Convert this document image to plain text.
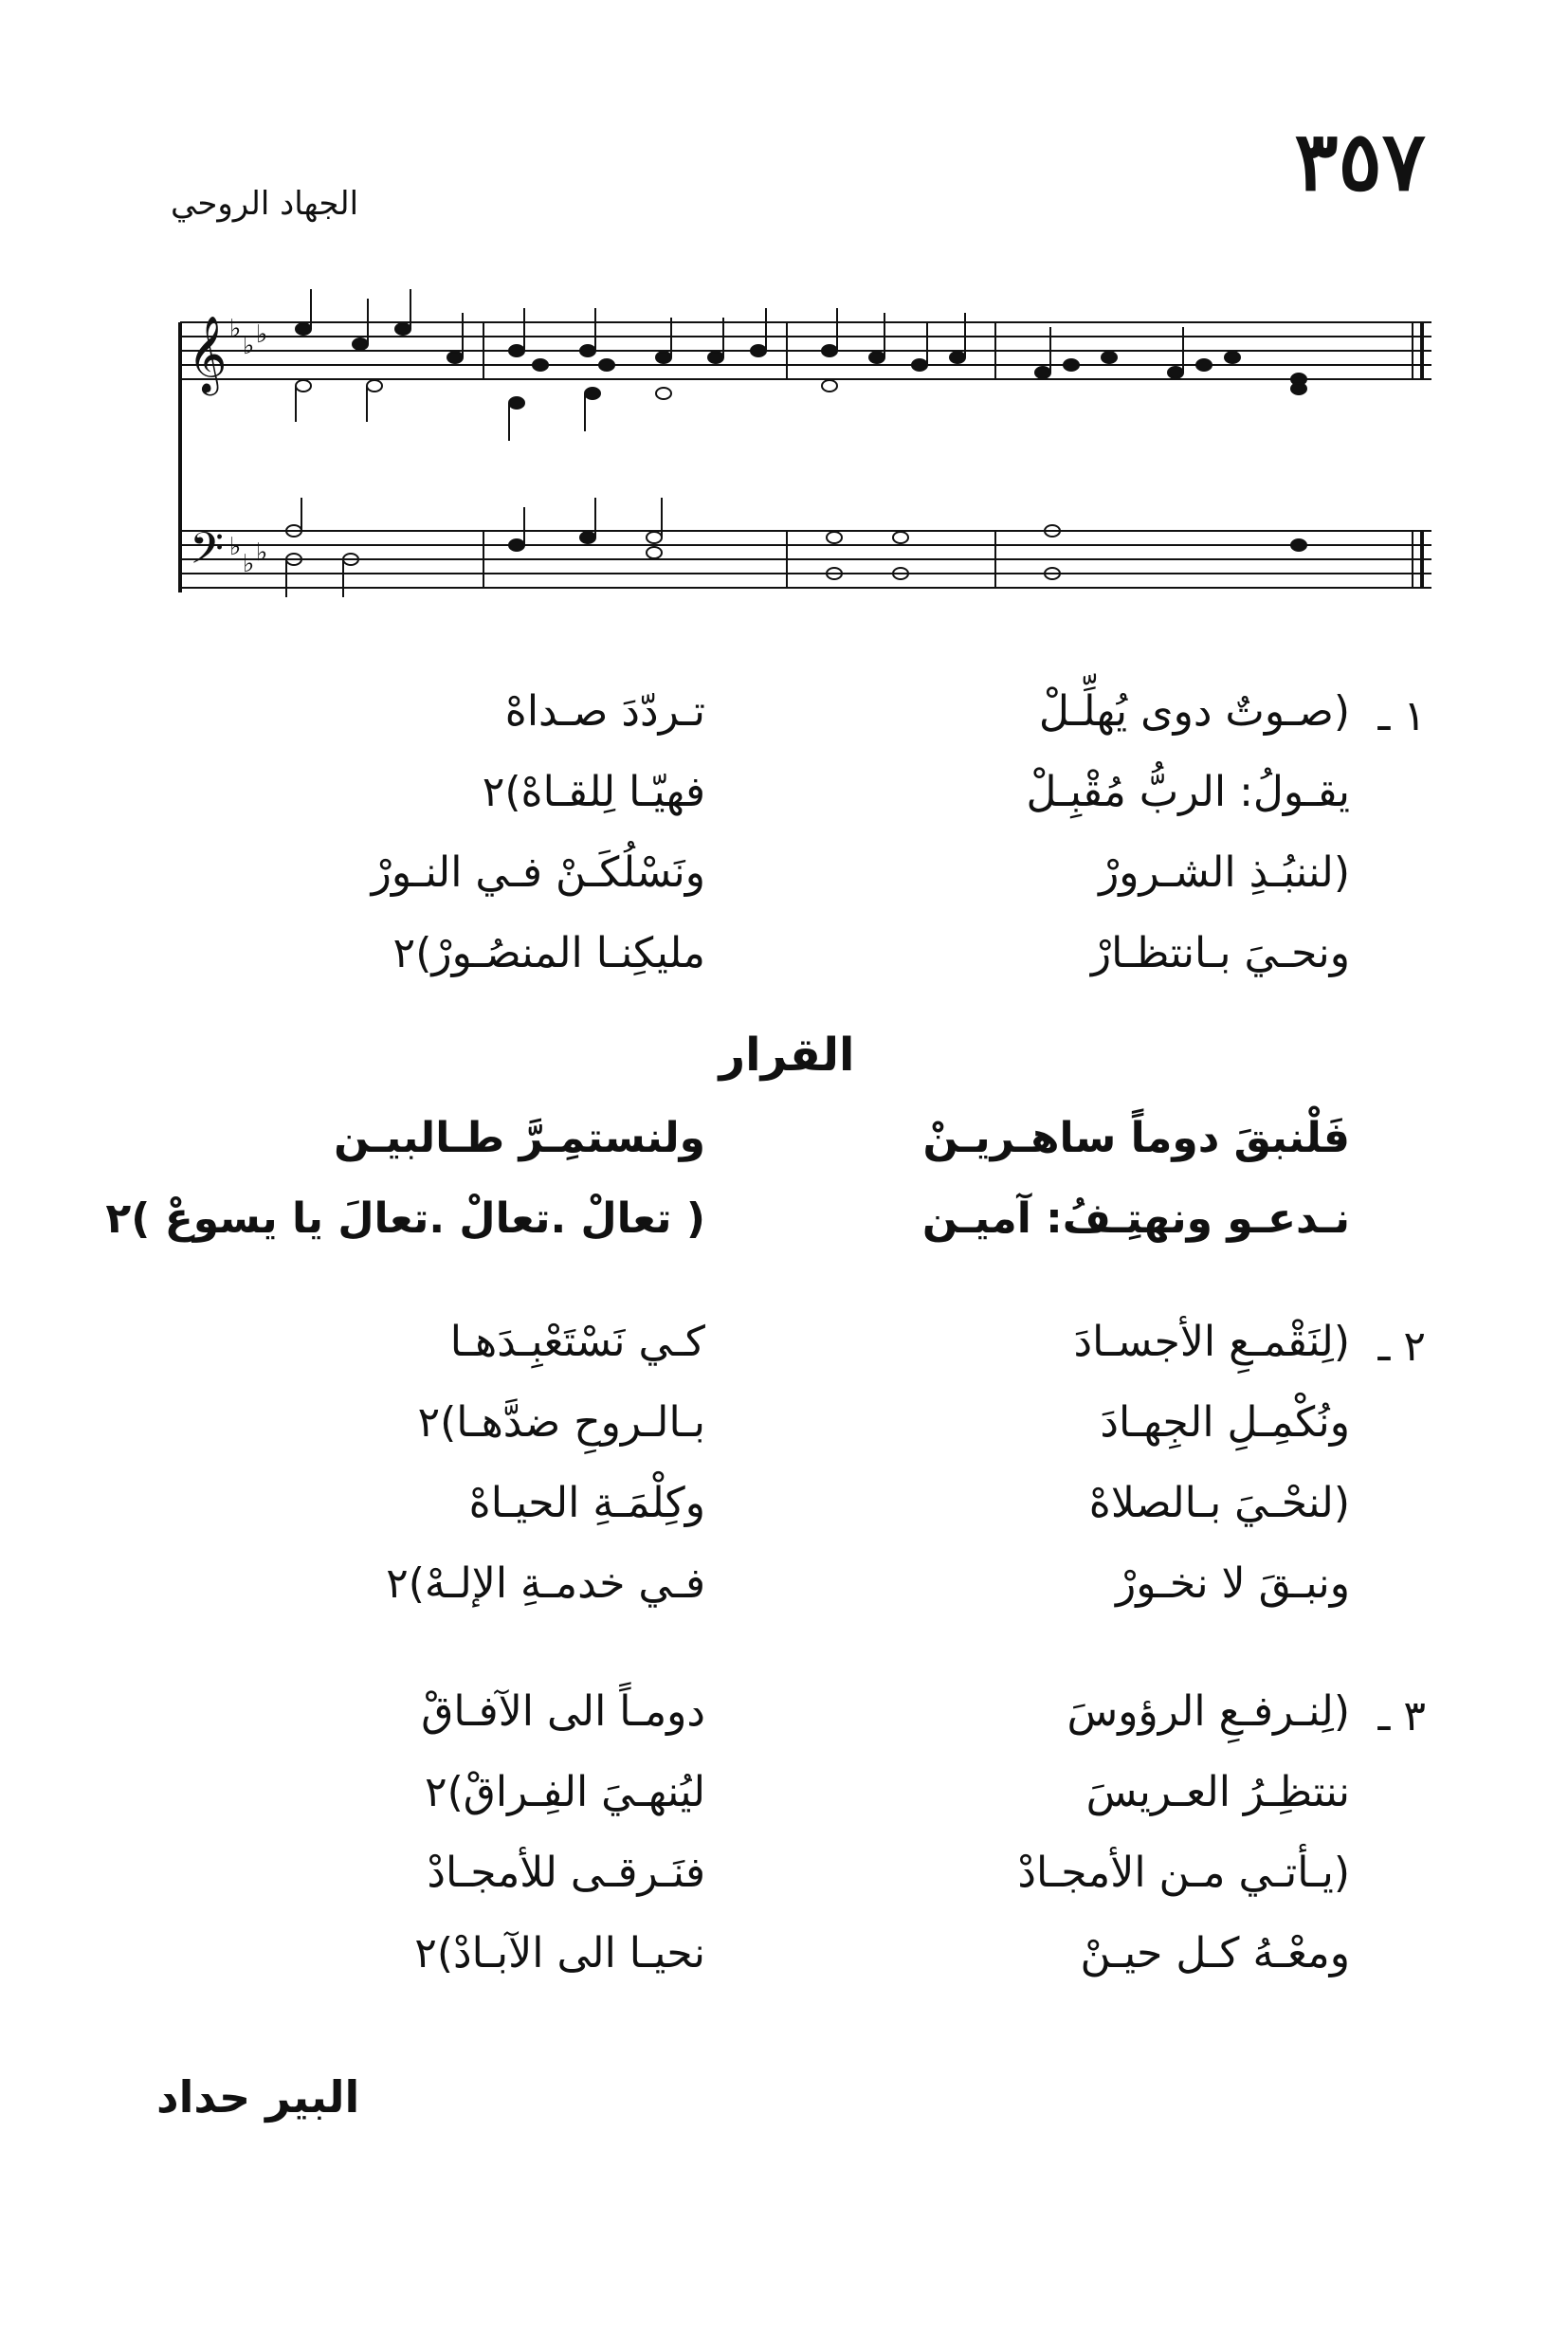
٣٥٧
الجهاد الروحي
𝄞
𝄢
♭
♭ ♭
♭
♭ ♭
١ ـ
(صـوتٌ دوى يُهلِّـلْ
تـردّدَ صـداهْ
يقـولُ: الربُّ مُقْبِـلْ
فهيّـا لِلقـاهْ)٢
(لننبُـذِ الشـرورْ
ونَسْلُكَـنْ فـي النـورْ
ونحـيَ بـانتظـارْ
مليكِنـا المنصُـورْ)٢
القرار
فَلْنبقَ دوماً ساهـريـنْ
ولنستمِـرَّ طـالبيـن
نـدعـو ونهتِـفُ: آميـن
( تعالْ .تعالْ .تعالَ يا يسوعْ )٢
٢ ـ
(لِنَقْمـعِ الأجسـادَ
كـي نَسْتَعْبِـدَهـا
ونُكْمِـلِ الجِهـادَ
بـالـروحِ ضدَّهـا)٢
(لنحْـيَ بـالصلاهْ
وكِلْمَـةِ الحيـاهْ
ونبـقَ لا نخـورْ
فـي خدمـةِ الإلـهْ)٢
٣ ـ
(لِنـرفـعِ الرؤوسَ
دومـاً الى الآفـاقْ
ننتظِـرُ العـريسَ
ليُنهـيَ الفِـراقْ)٢
(يـأتـي مـن الأمجـادْ
فنَـرقـى للأمجـادْ
ومعْـهُ كـل حيـنْ
نحيـا الى الآبـادْ)٢
البير حداد
